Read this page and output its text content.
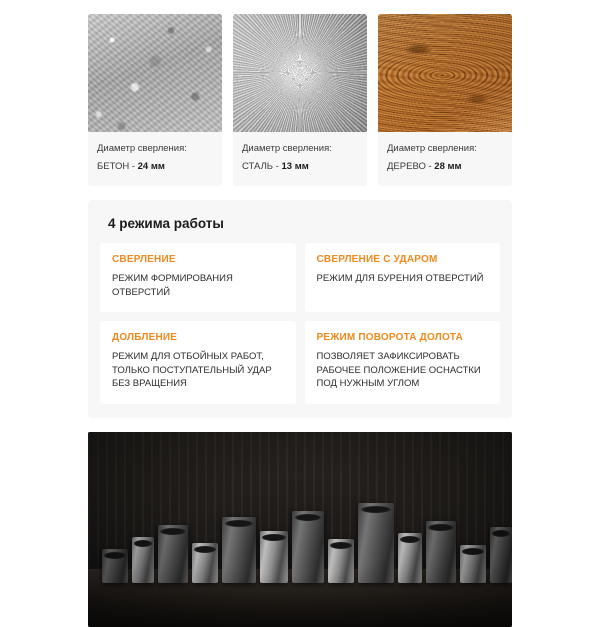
Диаметр сверления:
БЕТОН - 24 мм
Диаметр сверления:
СТАЛЬ - 13 мм
Диаметр сверления:
ДЕРЕВО - 28 мм
4 режима работы
СВЕРЛЕНИЕ
РЕЖИМ ФОРМИРОВАНИЯ ОТВЕРСТИЙ
СВЕРЛЕНИЕ С УДАРОМ
РЕЖИМ ДЛЯ БУРЕНИЯ ОТВЕРСТИЙ
ДОЛБЛЕНИЕ
РЕЖИМ ДЛЯ ОТБОЙНЫХ РАБОТ, ТОЛЬКО ПОСТУПАТЕЛЬНЫЙ УДАР БЕЗ ВРАЩЕНИЯ
РЕЖИМ ПОВОРОТА ДОЛОТА
ПОЗВОЛЯЕТ ЗАФИКСИРОВАТЬ РАБОЧЕЕ ПОЛОЖЕНИЕ ОСНАСТКИ ПОД НУЖНЫМ УГЛОМ
